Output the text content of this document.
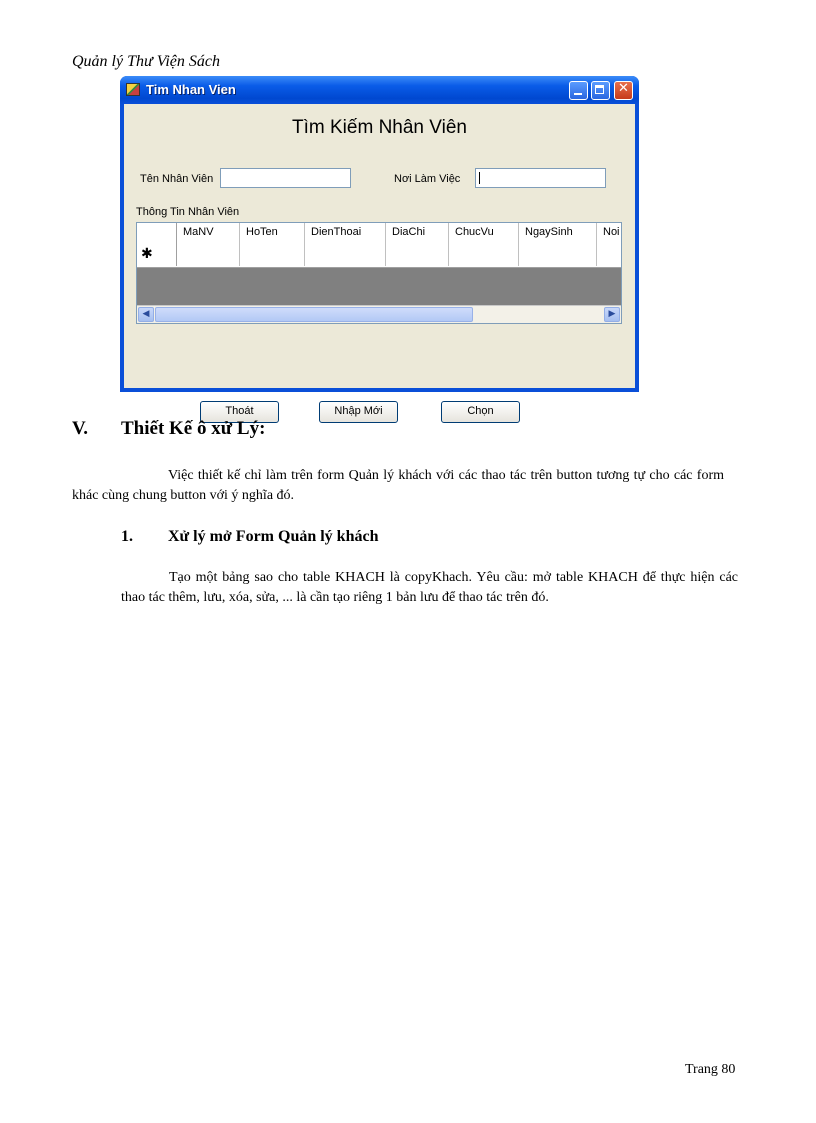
Quản lý Thư Viện Sách
Tim Nhan Vien	✕
Tìm Kiếm Nhân Viên
Tên Nhân Viên	Nơi Làm Việc
Thông Tin Nhân Viên
MaNV	HoTen	DienThoai	DiaChi	ChucVu	NgaySinh	Noi
✱
◀	▶
Thoát	Nhập Mới	Chọn
V. Thiết Kế ô xử Lý:
Việc thiết kế chỉ làm trên form Quản lý khách với các thao tác trên button tương tự cho các form khác cùng chung button với ý nghĩa đó.
1. Xử lý mở Form Quản lý khách
Tạo một bảng sao cho table KHACH là copyKhach. Yêu cầu: mở table KHACH để thực hiện các thao tác thêm, lưu, xóa, sửa, ... là cần tạo riêng 1 bản lưu để thao tác trên đó.
Trang 80
